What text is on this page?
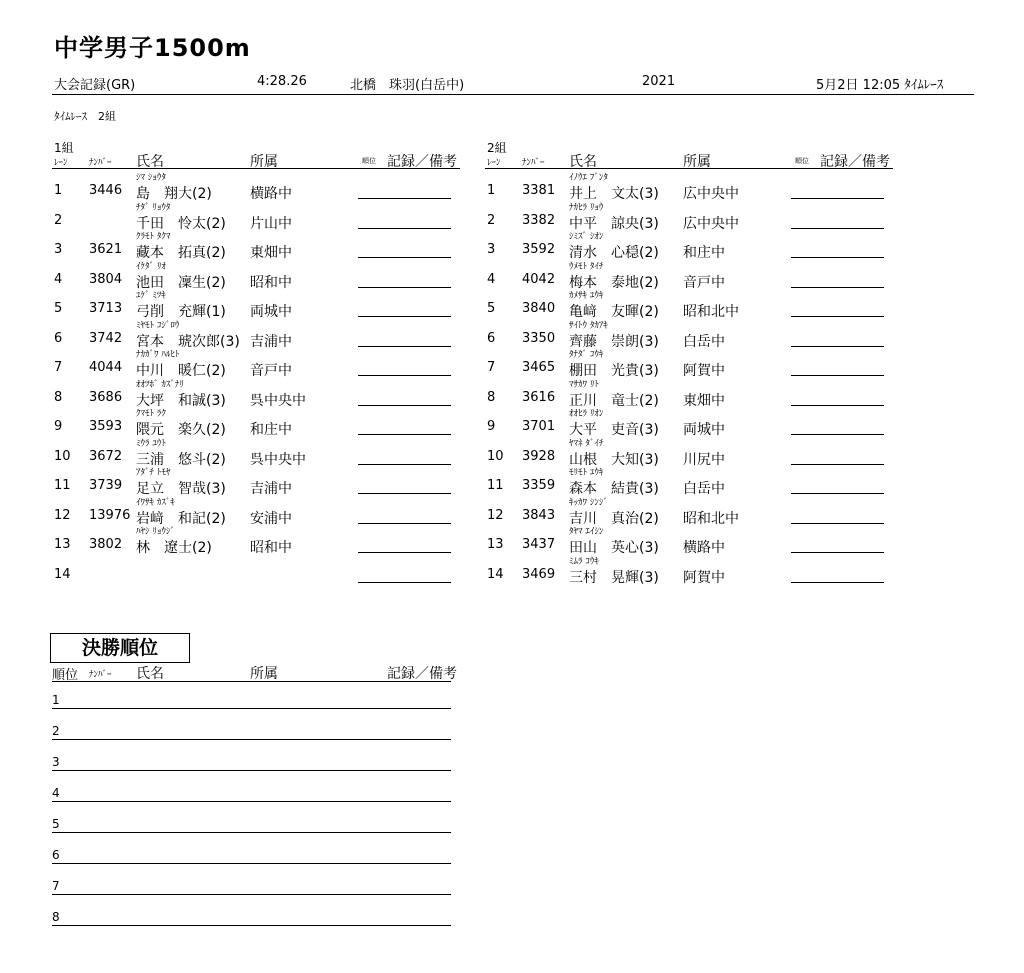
中学男子1500m
大会記録(GR)	4:28.26	北橋　珠羽(白岳中)	2021	5月2日 12:05 ﾀｲﾑﾚｰｽ
ﾀｲﾑﾚｰｽ　2組
1組
ﾚｰﾝ ﾅﾝﾊﾞｰ 氏名	所属	順位 記録／備考
2組
ﾚｰﾝ ﾅﾝﾊﾞｰ 氏名	所属	順位 記録／備考
ｼﾏ ｼｮｳﾀ
1 3446 島　翔大(2)	横路中
ﾁﾀﾞ ﾘｮｳﾀ
2	千田　怜太(2) 片山中
ｸﾗﾓﾄ ﾀｸﾏ
3 3621 藏本　拓真(2) 東畑中
ｲｹﾀﾞ ﾘｵ
4 3804 池田　凜生(2) 昭和中
ﾕｹﾞ ﾐﾂｷ
5 3713 弓削　充輝(1) 両城中
ﾐﾔﾓﾄ ｺｼﾞﾛｳ
6 3742 宮本　琥次郎(3) 吉浦中
ﾅｶｶﾞﾜ ﾊﾙﾋﾄ
7 4044 中川　暖仁(2) 音戸中
ｵｵﾂﾎﾞ ｶｽﾞﾅﾘ
8 3686 大坪　和誠(3) 呉中央中
ｸﾏﾓﾄ ﾗｸ
9 3593 隈元　楽久(2) 和庄中
ﾐｳﾗ ﾕｳﾄ
10 3672 三浦　悠斗(2) 呉中央中
ｱﾀﾞﾁ ﾄﾓﾔ
11 3739 足立　智哉(3) 吉浦中
ｲﾜｻｷ ｶｽﾞｷ
12 13976 岩﨑　和記(2) 安浦中
ﾊﾔｼ ﾘｮｳｼﾞ
13 3802 林　遼士(2)	昭和中
14
ｲﾉｳｴ ﾌﾞﾝﾀ
1 3381 井上　文太(3) 広中央中
ﾅｶﾋﾗ ﾘｮｳ
2 3382 中平　諒央(3) 広中央中
ｼﾐｽﾞ ｼｵﾝ
3 3592 清水　心穏(2) 和庄中
ｳﾒﾓﾄ ﾀｲﾁ
4 4042 梅本　泰地(2) 音戸中
ｶﾒｻｷ ﾕｳｷ
5 3840 亀﨑　友暉(2) 昭和北中
ｻｲﾄｳ ﾀｶｱｷ
6 3350 齊藤　崇朗(3) 白岳中
ﾀﾅﾀﾞ ｺｳｷ
7 3465 棚田　光貴(3) 阿賀中
ﾏｻｶﾜ ﾘﾄ
8 3616 正川　竜士(2) 東畑中
ｵｵﾋﾗ ﾘｵﾝ
9 3701 大平　吏音(3) 両城中
ﾔﾏﾈ ﾀﾞｲﾁ
10 3928 山根　大知(3) 川尻中
ﾓﾘﾓﾄ ﾕｳｷ
11 3359 森本　結貴(3) 白岳中
ｷｯｶﾜ ｼﾝｼﾞ
12 3843 吉川　真治(2) 昭和北中
ﾀﾔﾏ ｴｲｼﾝ
13 3437 田山　英心(3) 横路中
ﾐﾑﾗ ｺｳｷ
14 3469 三村　晃輝(3) 阿賀中
決勝順位
順位 ﾅﾝﾊﾞｰ 氏名	所属	記録／備考
1
2
3
4
5
6
7
8
